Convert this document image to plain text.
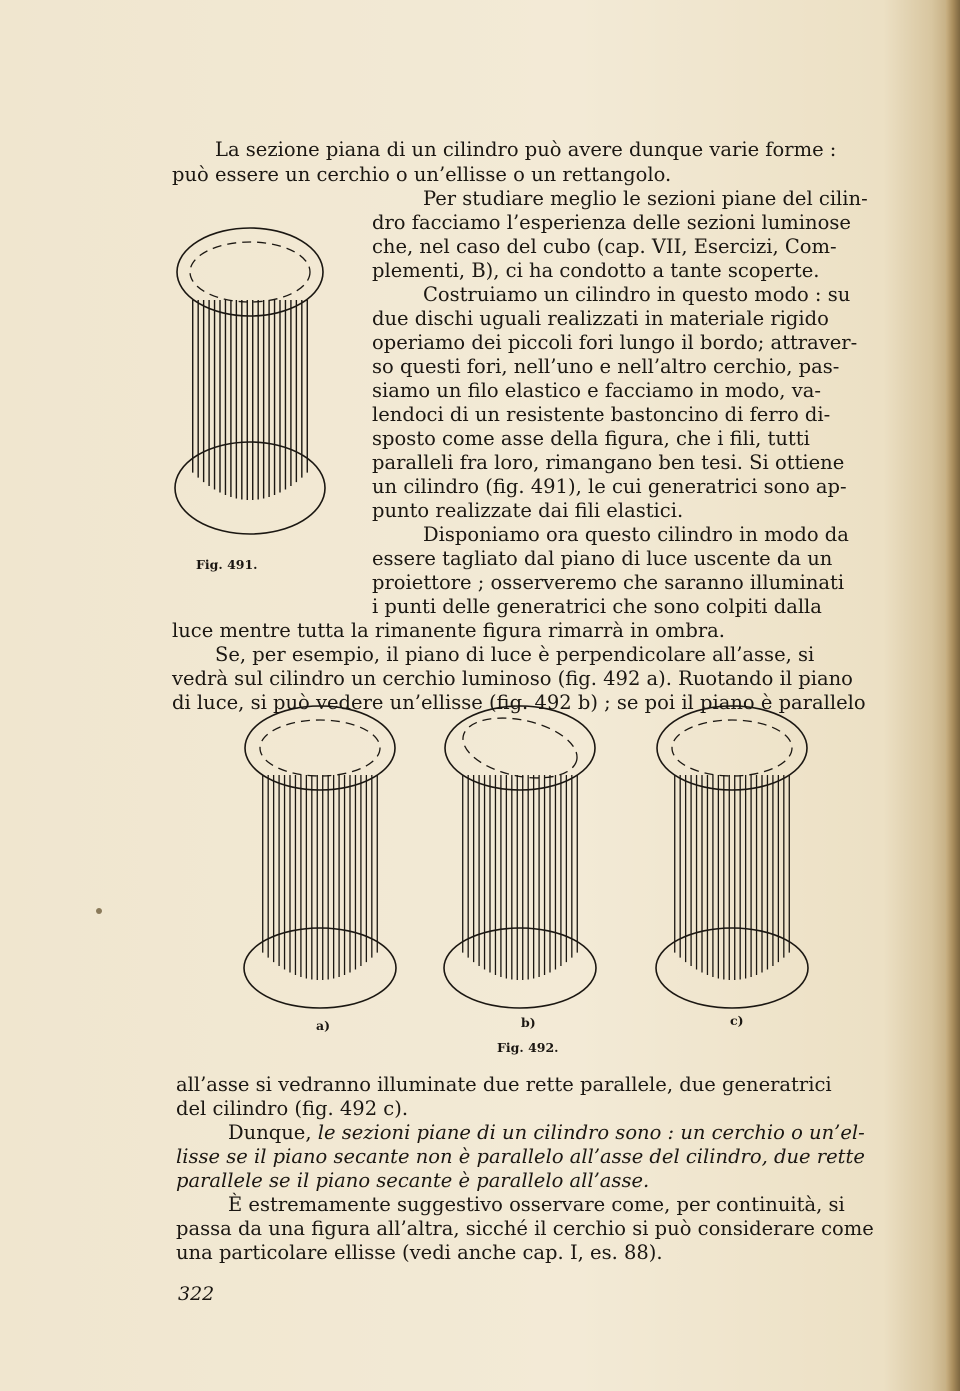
La sezione piana di un cilindro può avere dunque varie forme :
può essere un cerchio o un’ellisse o un rettangolo.
Per studiare meglio le sezioni piane del cilin-
dro facciamo l’esperienza delle sezioni luminose
che, nel caso del cubo (cap. VII, Esercizi, Com-
plementi, B), ci ha condotto a tante scoperte.
Costruiamo un cilindro in questo modo : su
due dischi uguali realizzati in materiale rigido
operiamo dei piccoli fori lungo il bordo; attraver-
so questi fori, nell’uno e nell’altro cerchio, pas-
siamo un filo elastico e facciamo in modo, va-
lendoci di un resistente bastoncino di ferro di-
sposto come asse della figura, che i fili, tutti
paralleli fra loro, rimangano ben tesi. Si ottiene
un cilindro (fig. 491), le cui generatrici sono ap-
punto realizzate dai fili elastici.
Disponiamo ora questo cilindro in modo da
essere tagliato dal piano di luce uscente da un
proiettore ; osserveremo che saranno illuminati
i punti delle generatrici che sono colpiti dalla
luce mentre tutta la rimanente figura rimarrà in ombra.
Se, per esempio, il piano di luce è perpendicolare all’asse, si
vedrà sul cilindro un cerchio luminoso (fig. 492 a). Ruotando il piano
di luce, si può vedere un’ellisse (fig. 492 b) ; se poi il piano è parallelo
Fig. 491.
a)	b)	c)
Fig. 492.
all’asse si vedranno illuminate due rette parallele, due generatrici
del cilindro (fig. 492 c).
Dunque, le sezioni piane di un cilindro sono : un cerchio o un’el-
lisse se il piano secante non è parallelo all’asse del cilindro, due rette
parallele se il piano secante è parallelo all’asse.
È estremamente suggestivo osservare come, per continuità, si
passa da una figura all’altra, sicché il cerchio si può considerare come
una particolare ellisse (vedi anche cap. I, es. 88).
322
